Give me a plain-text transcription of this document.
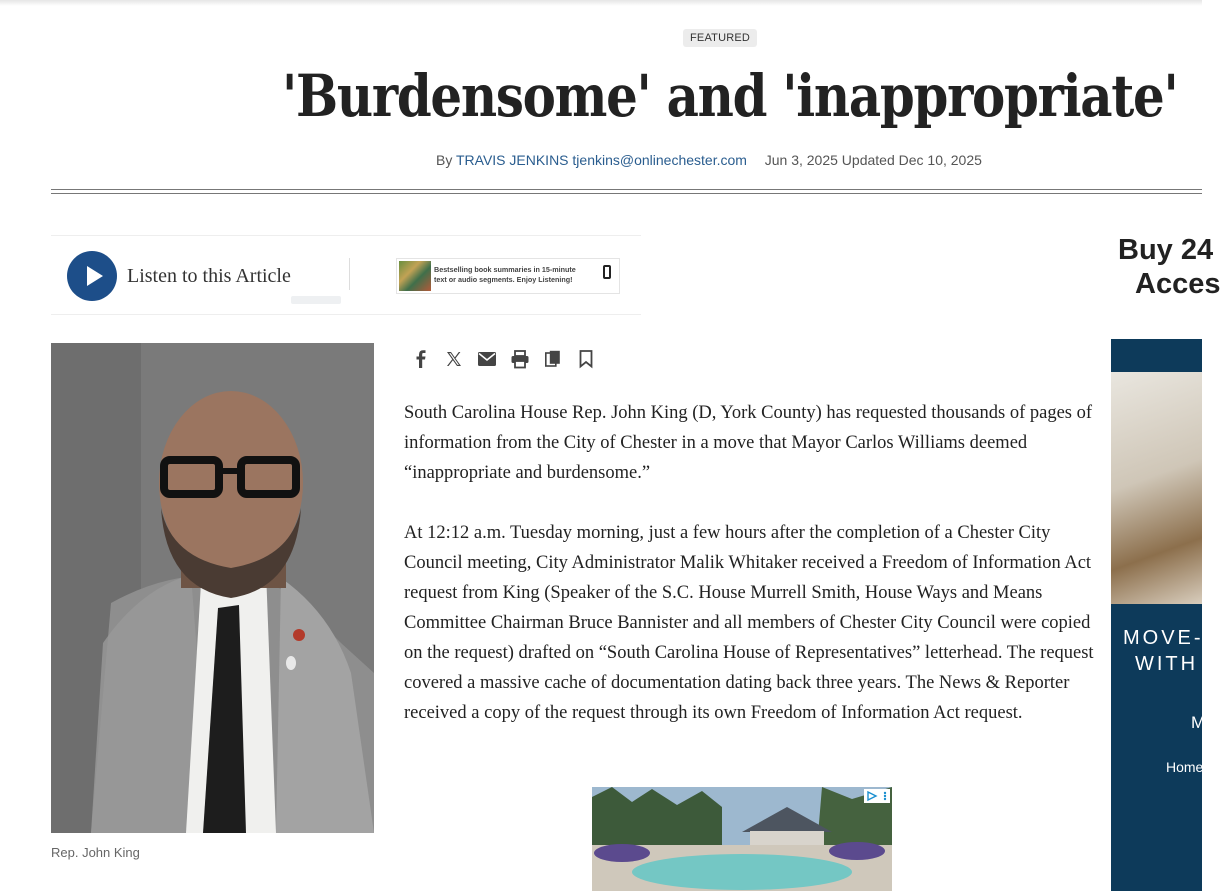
FEATURED
'Burdensome' and 'inappropriate'
By TRAVIS JENKINS tjenkins@onlinechester.com Jun 3, 2025 Updated Dec 10, 2025
Listen to this Article	Bestselling book summaries in 15-minute text or audio segments. Enjoy Listening!
Rep. John King

South Carolina House Rep. John King (D, York County) has requested thousands of pages of information from the City of Chester in a move that Mayor Carlos Williams deemed “inappropriate and burdensome.”

At 12:12 a.m. Tuesday morning, just a few hours after the completion of a Chester City Council meeting, City Administrator Malik Whitaker received a Freedom of Information Act request from King (Speaker of the S.C. House Murrell Smith, House Ways and Means Committee Chairman Bruce Bannister and all members of Chester City Council were copied on the request) drafted on “South Carolina House of Representatives” letterhead. The request covered a massive cache of documentation dating back three years. The News & Reporter received a copy of the request through its own Freedom of Information Act request.

Buy 24
Acces
MOVE-
WITH
M
Home
